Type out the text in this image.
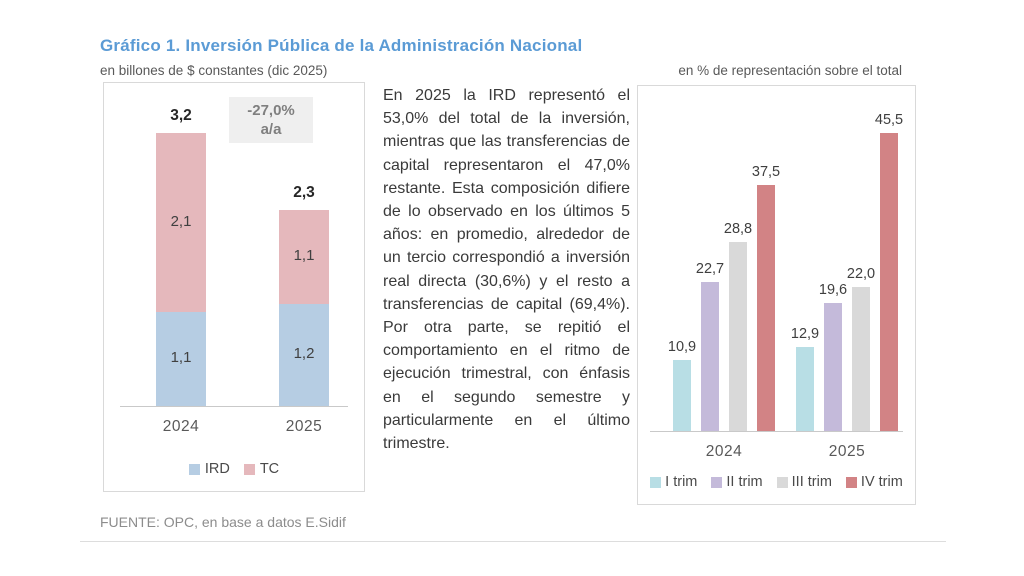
Gráfico 1. Inversión Pública de la Administración Nacional
en billones de $ constantes (dic 2025)	en % de representación sobre el total
-27,0%
a/a
1,1
2,1
3,2
2024
1,2
1,1
2,3
2025
IRD TC
En 2025 la IRD representó el 53,0% del total de la inversión, mientras que las transferencias de capital representaron el 47,0% restante. Esta composición difiere de lo observado en los últimos 5 años: en promedio, alrededor de un tercio correspondió a inversión real directa (30,6%) y el resto a transferencias de capital (69,4%). Por otra parte, se repitió el comportamiento en el ritmo de ejecución trimestral, con énfasis en el segundo semestre y particularmente en el último trimestre.
10,9
22,7
28,8
37,5
2024
12,9
19,6
22,0
45,5
2025
I trim II trim III trim IV trim
FUENTE: OPC, en base a datos E.Sidif
